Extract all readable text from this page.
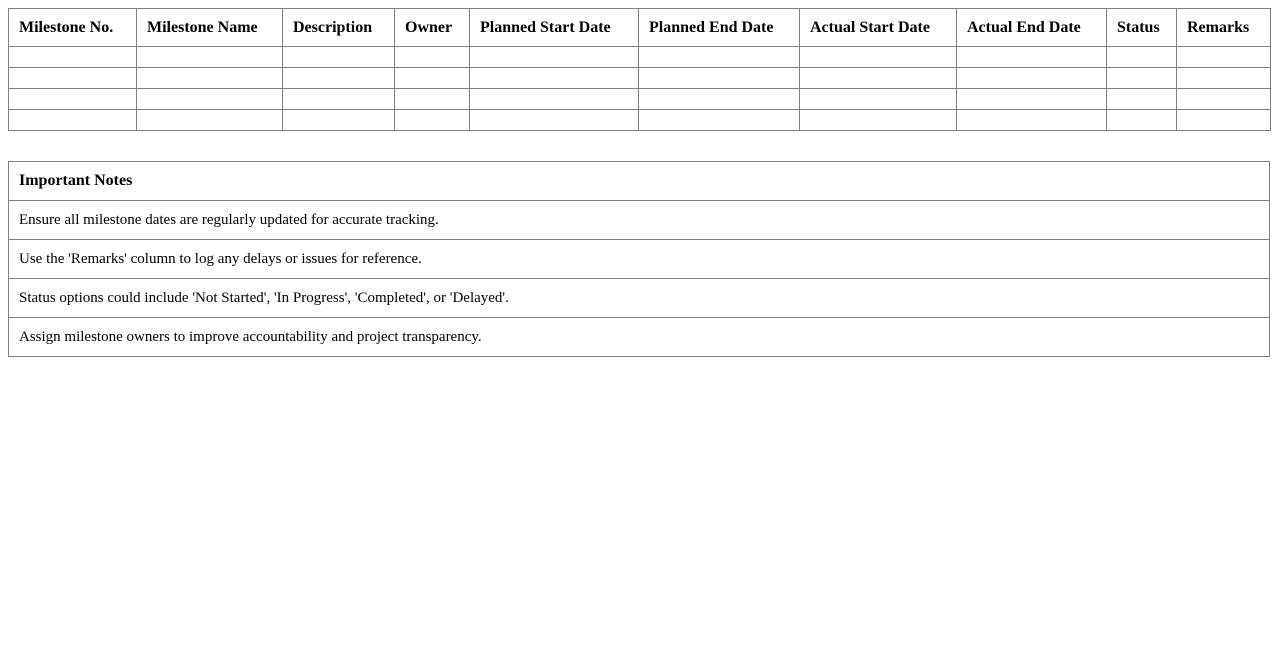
Milestone No.	Milestone Name	Description	Owner	Planned Start Date	Planned End Date	Actual Start Date	Actual End Date	Status	Remarks

Important Notes
Ensure all milestone dates are regularly updated for accurate tracking.
Use the 'Remarks' column to log any delays or issues for reference.
Status options could include 'Not Started', 'In Progress', 'Completed', or 'Delayed'.
Assign milestone owners to improve accountability and project transparency.
